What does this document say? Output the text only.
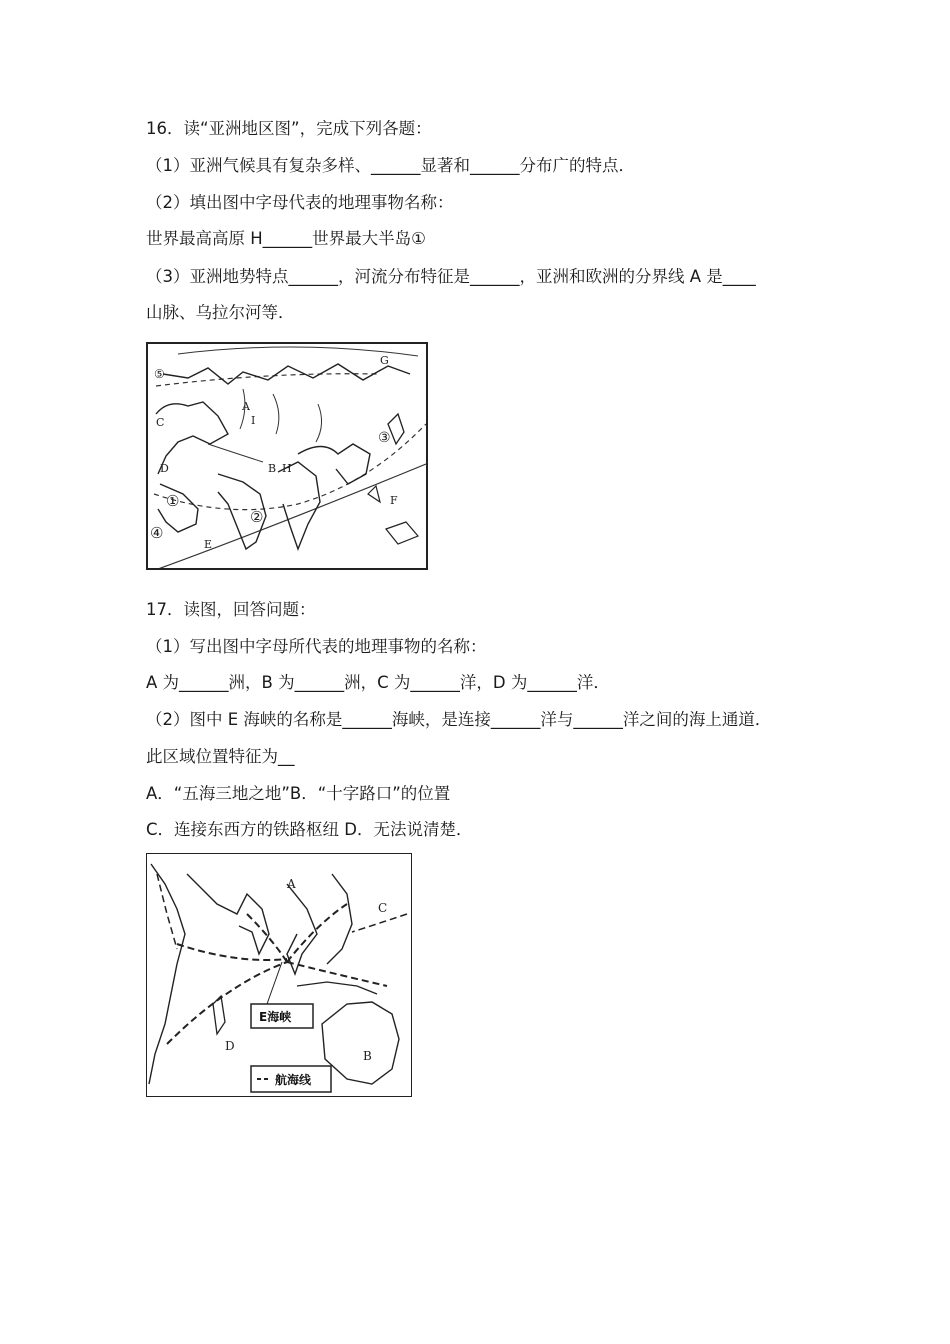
16．读“亚洲地区图”，完成下列各题：
（1）亚洲气候具有复杂多样、______显著和______分布广的特点．
（2）填出图中字母代表的地理事物名称：
世界最高高原 H______世界最大半岛①
（3）亚洲地势特点______，河流分布特征是______，亚洲和欧洲的分界线 A 是____
山脉、乌拉尔河等．
A
I
C
D	B H
E
F
G
①
②
③
④
⑤
17．读图，回答问题：
（1）写出图中字母所代表的地理事物的名称：
A 为______洲，B 为______洲，C 为______洋，D 为______洋．
（2）图中 E 海峡的名称是______海峡，是连接______洋与______洋之间的海上通道．
此区域位置特征为__
A．“五海三地之地”B．“十字路口”的位置
C．连接东西方的铁路枢纽 D．无法说清楚．
E海峡
航海线
A
B
C
D
